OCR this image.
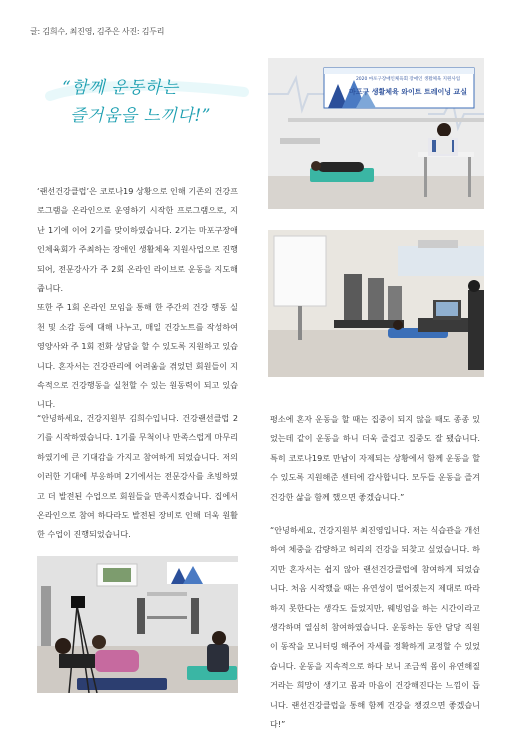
글: 김희수, 최진영, 김주은 사진: 김두리
“함께 운동하는
즐거움을 느끼다!”
‘랜선건강클럽’은 코로나19 상황으로 인해 기존의 건강프로그램을 온라인으로 운영하기 시작한 프로그램으로, 지난 1기에 이어 2기를 맞이하였습니다. 2기는 마포구장애인체육회가 주최하는 장애인 생활체육 지원사업으로 진행되어, 전문강사가 주 2회 온라인 라이브로 운동을 지도해줍니다.
또한 주 1회 온라인 모임을 통해 한 주간의 건강 행동 실천 및 소감 등에 대해 나누고, 매일 건강노트를 작성하여 영양사와 주 1회 전화 상담을 할 수 있도록 지원하고 있습니다. 혼자서는 건강관리에 어려움을 겪었던 회원들이 지속적으로 건강행동을 실천할 수 있는 원동력이 되고 있습니다.
“안녕하세요, 건강지원부 김희수입니다. 건강랜선클럽 2기를 시작하였습니다. 1기를 무척이나 만족스럽게 마무리하였기에 큰 기대감을 가지고 참여하게 되었습니다. 저의 이러한 기대에 부응하며 2기에서는 전문강사를 초빙하였고 더 발전된 수업으로 회원들을 만족시켰습니다. 집에서 온라인으로 참여 하다라도 발전된 장비로 인해 더욱 원활한 수업이 진행되었습니다.
평소에 혼자 운동을 할 때는 집중이 되지 않을 때도 종종 있었는데 같이 운동을 하니 더욱 즐겁고 집중도 잘 됐습니다. 특히 코로나19로 만남이 자제되는 상황에서 함께 운동을 할 수 있도록 지원해준 센터에 감사합니다. 모두들 운동을 즐겨 건강한 삶을 함께 했으면 좋겠습니다.”
“안녕하세요, 건강지원부 최진영입니다. 저는 식습관을 개선하여 체중을 감량하고 허리의 건강을 되찾고 싶었습니다. 하지만 혼자서는 쉽지 않아 랜선건강클럽에 참여하게 되었습니다. 처음 시작했을 때는 유연성이 떨어졌는지 제대로 따라하지 못한다는 생각도 들었지만, 웨빙엄을 하는 시간이라고 생각하며 열심히 참여하였습니다. 운동하는 동안 담당 직원이 동작을 모니터링 해주어 자세를 정확하게 교정할 수 있었습니다. 운동을 지속적으로 하다 보니 조금씩 몸이 유연해질 거라는 희망이 생기고 몸과 마음이 건강해진다는 느낌이 듭니다. 랜선건강클럽을 통해 함께 건강을 챙겼으면 좋겠습니다!”
2020 마포구장애인체육회 장애인 생활체육 지원사업
마포구 생활체육 와이트 트레이닝 교실
